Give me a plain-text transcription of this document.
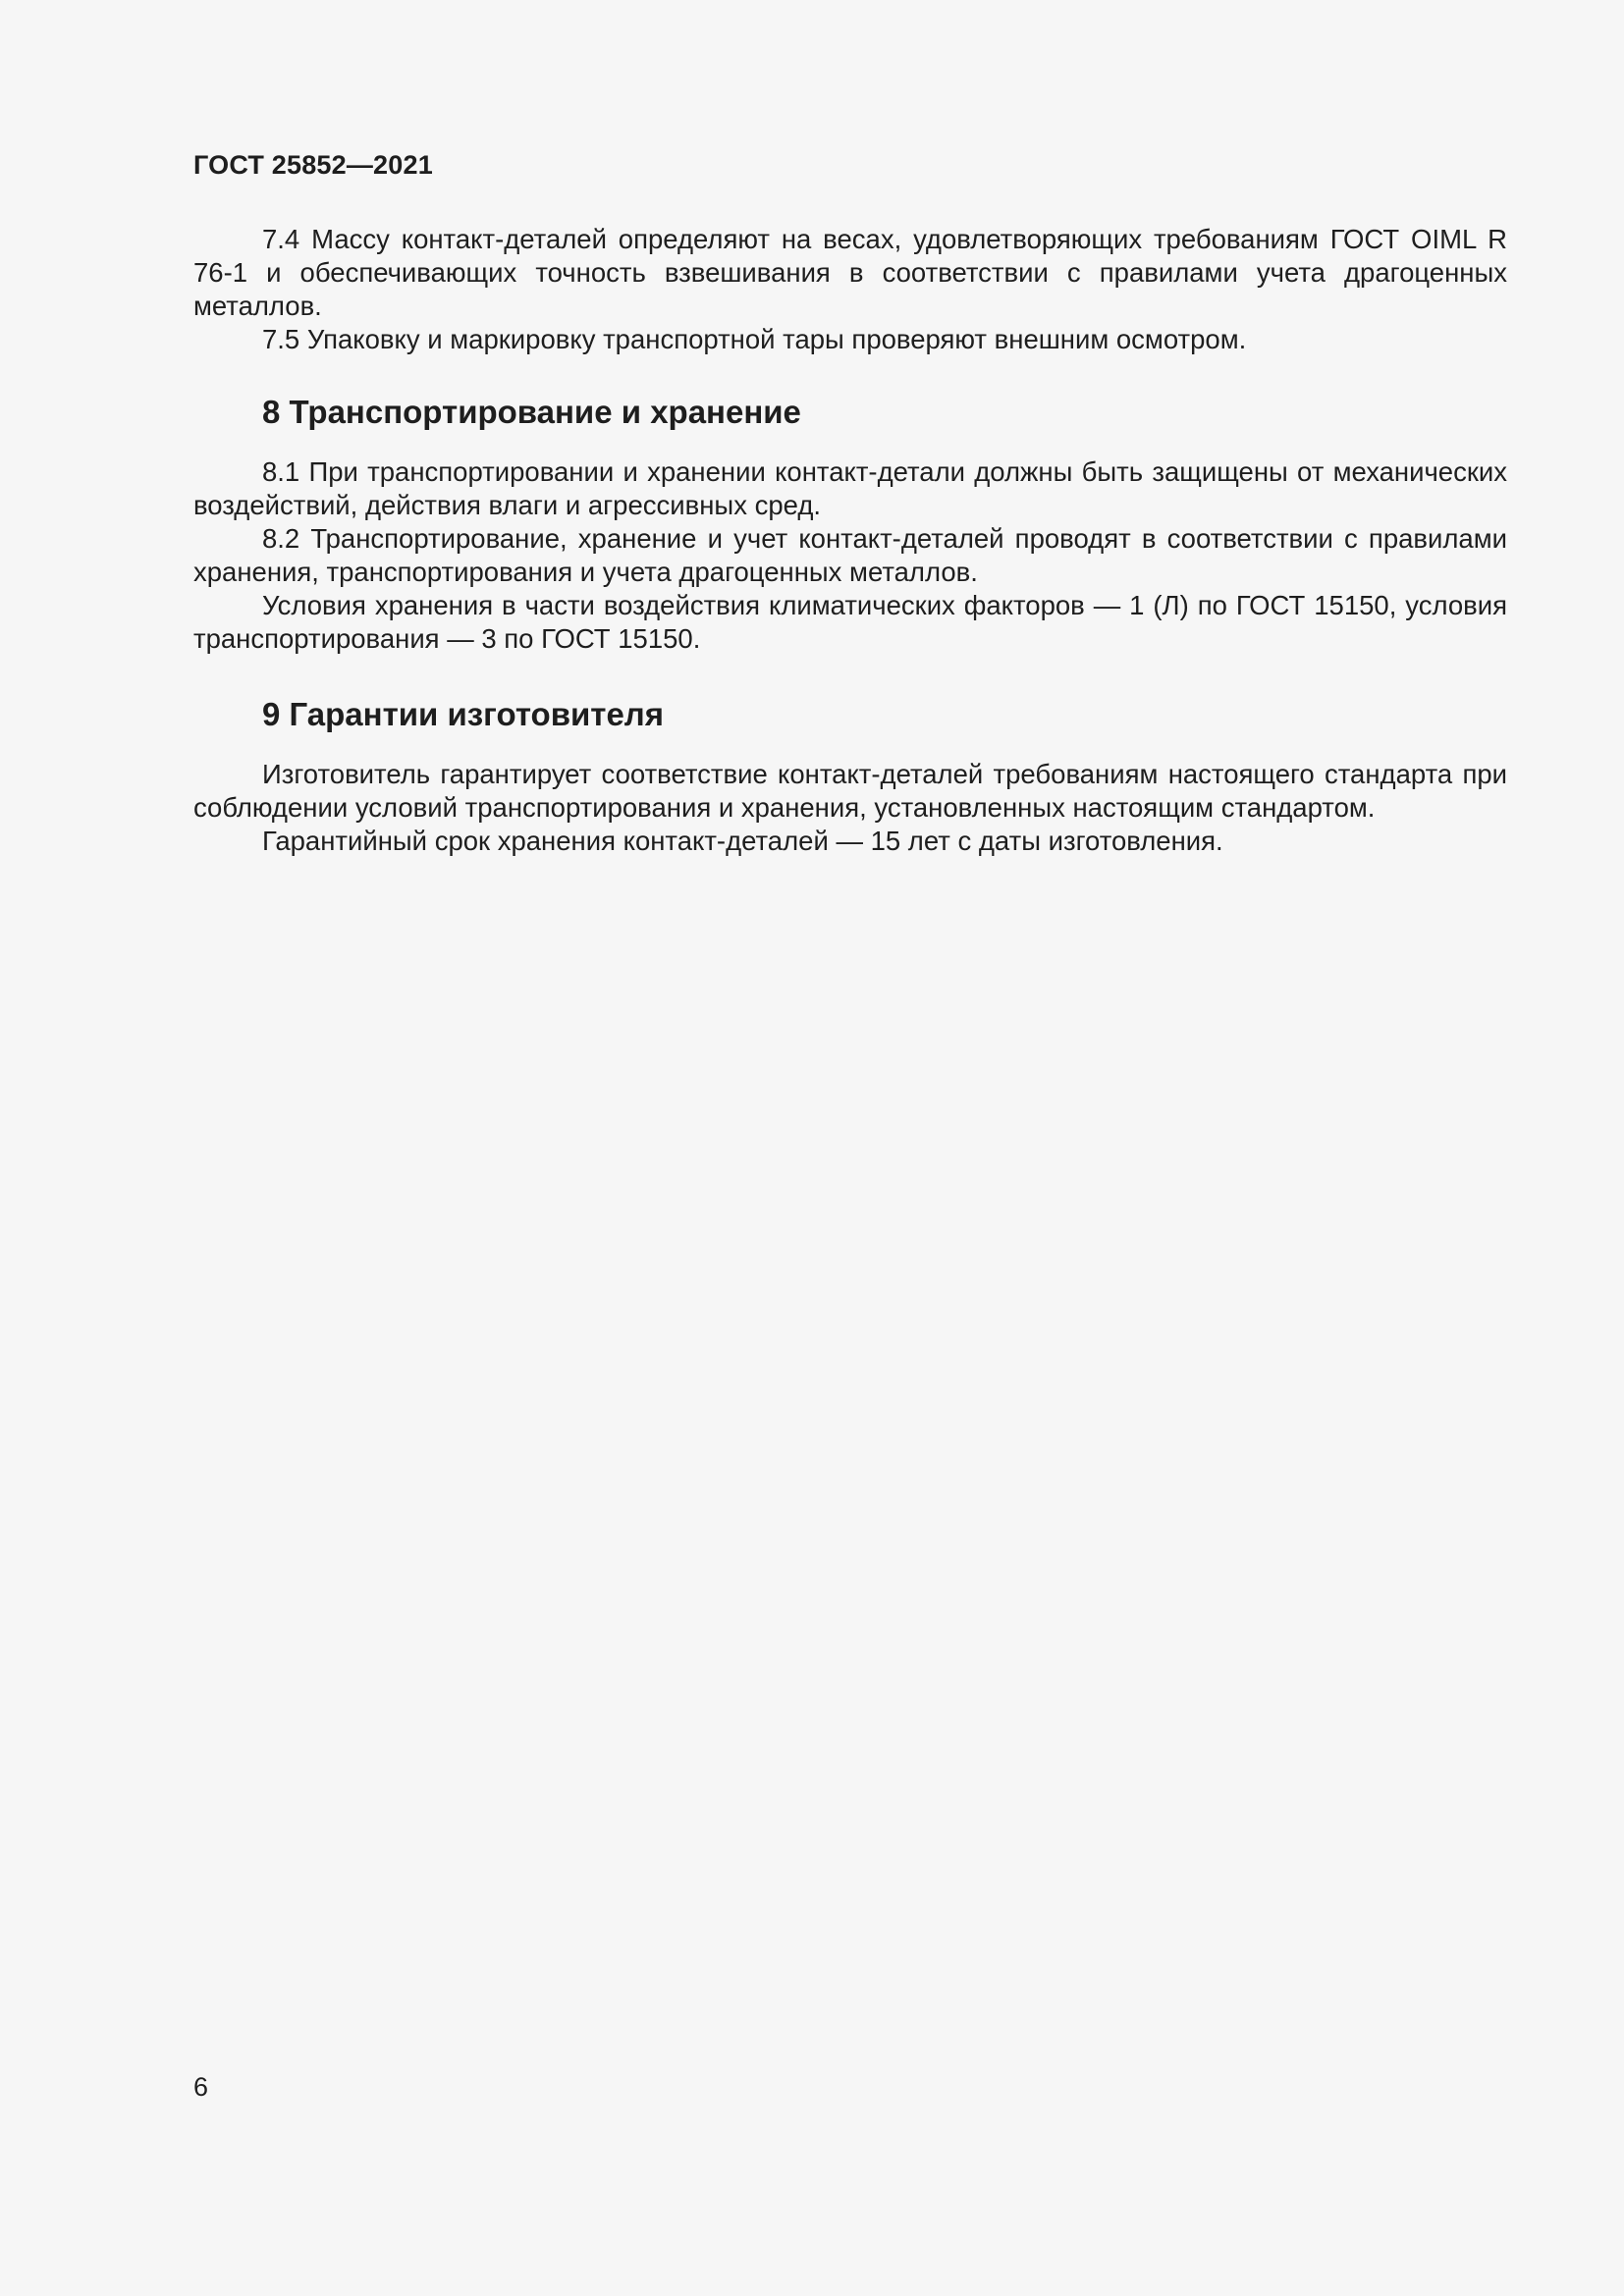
ГОСТ 25852—2021

7.4 Массу контакт-деталей определяют на весах, удовлетворяющих требованиям ГОСТ OIML R 76-1 и обеспечивающих точность взвешивания в соответствии с правилами учета драгоценных металлов.

7.5 Упаковку и маркировку транспортной тары проверяют внешним осмотром.

8 Транспортирование и хранение

8.1 При транспортировании и хранении контакт-детали должны быть защищены от механических воздействий, действия влаги и агрессивных сред.

8.2 Транспортирование, хранение и учет контакт-деталей проводят в соответствии с правилами хранения, транспортирования и учета драгоценных металлов.

Условия хранения в части воздействия климатических факторов — 1 (Л) по ГОСТ 15150, условия транспортирования — 3 по ГОСТ 15150.

9 Гарантии изготовителя

Изготовитель гарантирует соответствие контакт-деталей требованиям настоящего стандарта при соблюдении условий транспортирования и хранения, установленных настоящим стандартом.

Гарантийный срок хранения контакт-деталей — 15 лет с даты изготовления.

6
